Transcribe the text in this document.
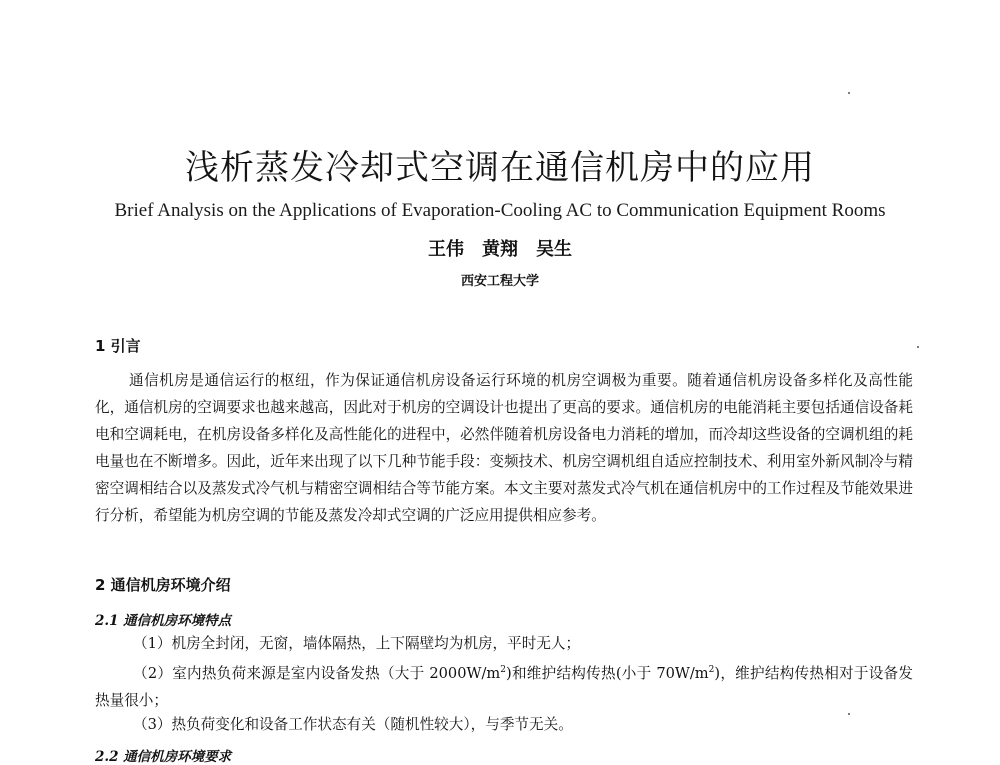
浅析蒸发冷却式空调在通信机房中的应用
Brief Analysis on the Applications of Evaporation-Cooling AC to Communication Equipment Rooms
王伟　黄翔　吴生
西安工程大学
1 引言
通信机房是通信运行的枢纽，作为保证通信机房设备运行环境的机房空调极为重要。随着通信机房设备多样化及高性能化，通信机房的空调要求也越来越高，因此对于机房的空调设计也提出了更高的要求。通信机房的电能消耗主要包括通信设备耗电和空调耗电，在机房设备多样化及高性能化的进程中，必然伴随着机房设备电力消耗的增加，而冷却这些设备的空调机组的耗电量也在不断增多。因此，近年来出现了以下几种节能手段：变频技术、机房空调机组自适应控制技术、利用室外新风制冷与精密空调相结合以及蒸发式冷气机与精密空调相结合等节能方案。本文主要对蒸发式冷气机在通信机房中的工作过程及节能效果进行分析，希望能为机房空调的节能及蒸发冷却式空调的广泛应用提供相应参考。
2 通信机房环境介绍
2.1 通信机房环境特点
（1）机房全封闭，无窗，墙体隔热，上下隔壁均为机房，平时无人；
（2）室内热负荷来源是室内设备发热（大于 $2000W/m^2$)和维护结构传热(小于 $70W/m^2$)，维护结构传热相对于设备发热量很小；
（3）热负荷变化和设备工作状态有关（随机性较大），与季节无关。
2.2 通信机房环境要求
